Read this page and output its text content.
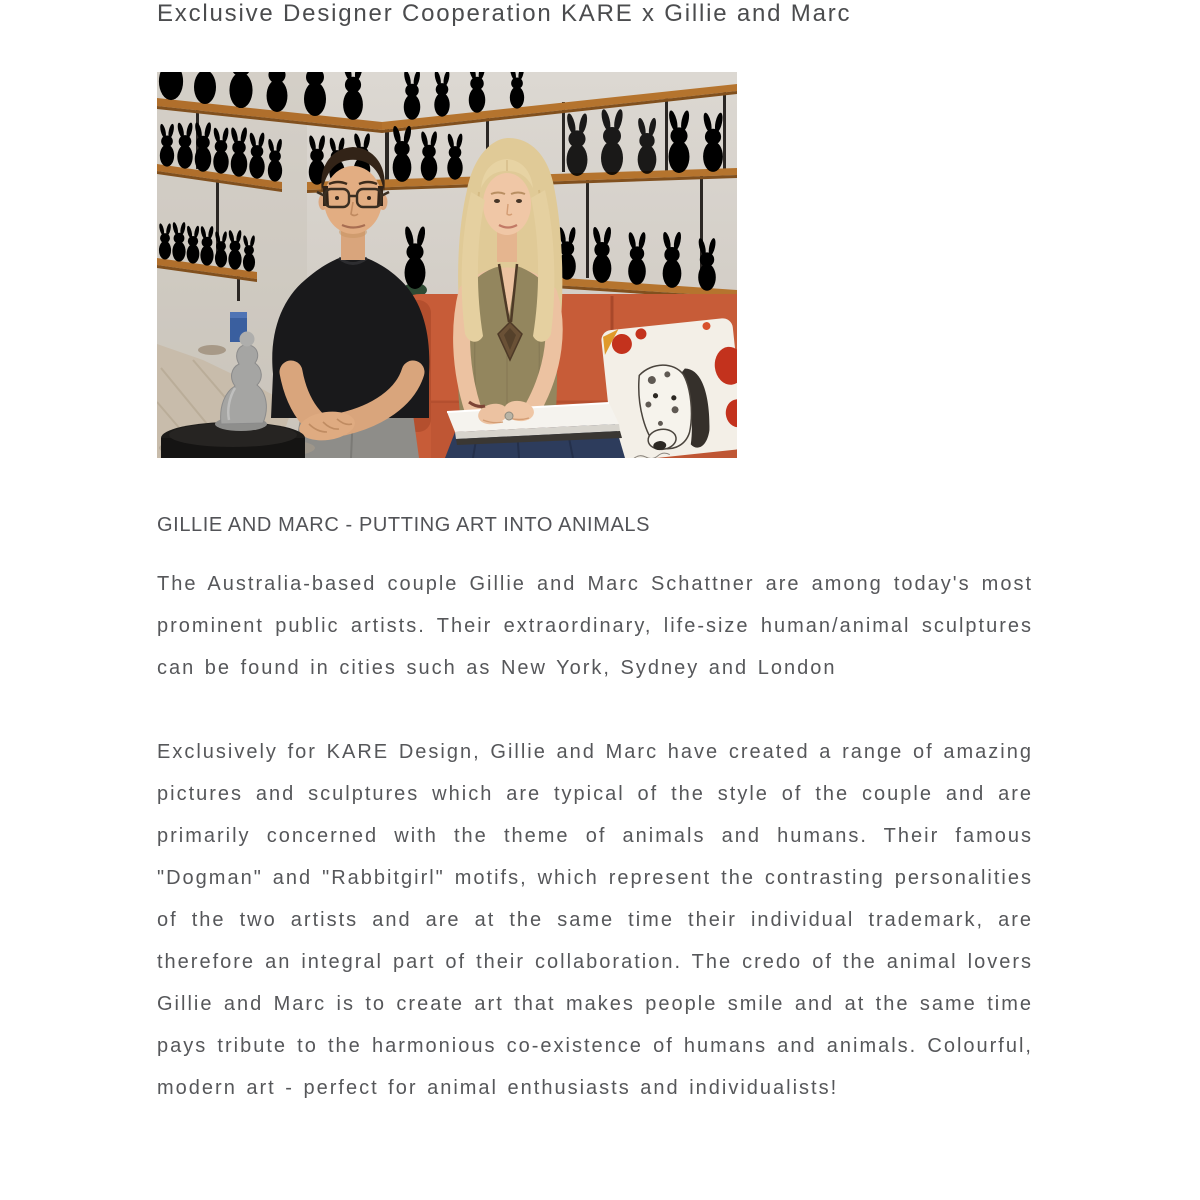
Exclusive Designer Cooperation KARE x Gillie and Marc
GILLIE AND MARC - PUTTING ART INTO ANIMALS

The Australia-based couple Gillie and Marc Schattner are among today's most prominent public artists. Their extraordinary, life-size human/animal sculptures can be found in cities such as New York, Sydney and London

Exclusively for KARE Design, Gillie and Marc have created a range of amazing pictures and sculptures which are typical of the style of the couple and are primarily concerned with the theme of animals and humans. Their famous "Dogman" and "Rabbitgirl" motifs, which represent the contrasting personalities of the two artists and are at the same time their individual trademark, are therefore an integral part of their collaboration. The credo of the animal lovers Gillie and Marc is to create art that makes people smile and at the same time pays tribute to the harmonious co-existence of humans and animals. Colourful, modern art - perfect for animal enthusiasts and individualists!
